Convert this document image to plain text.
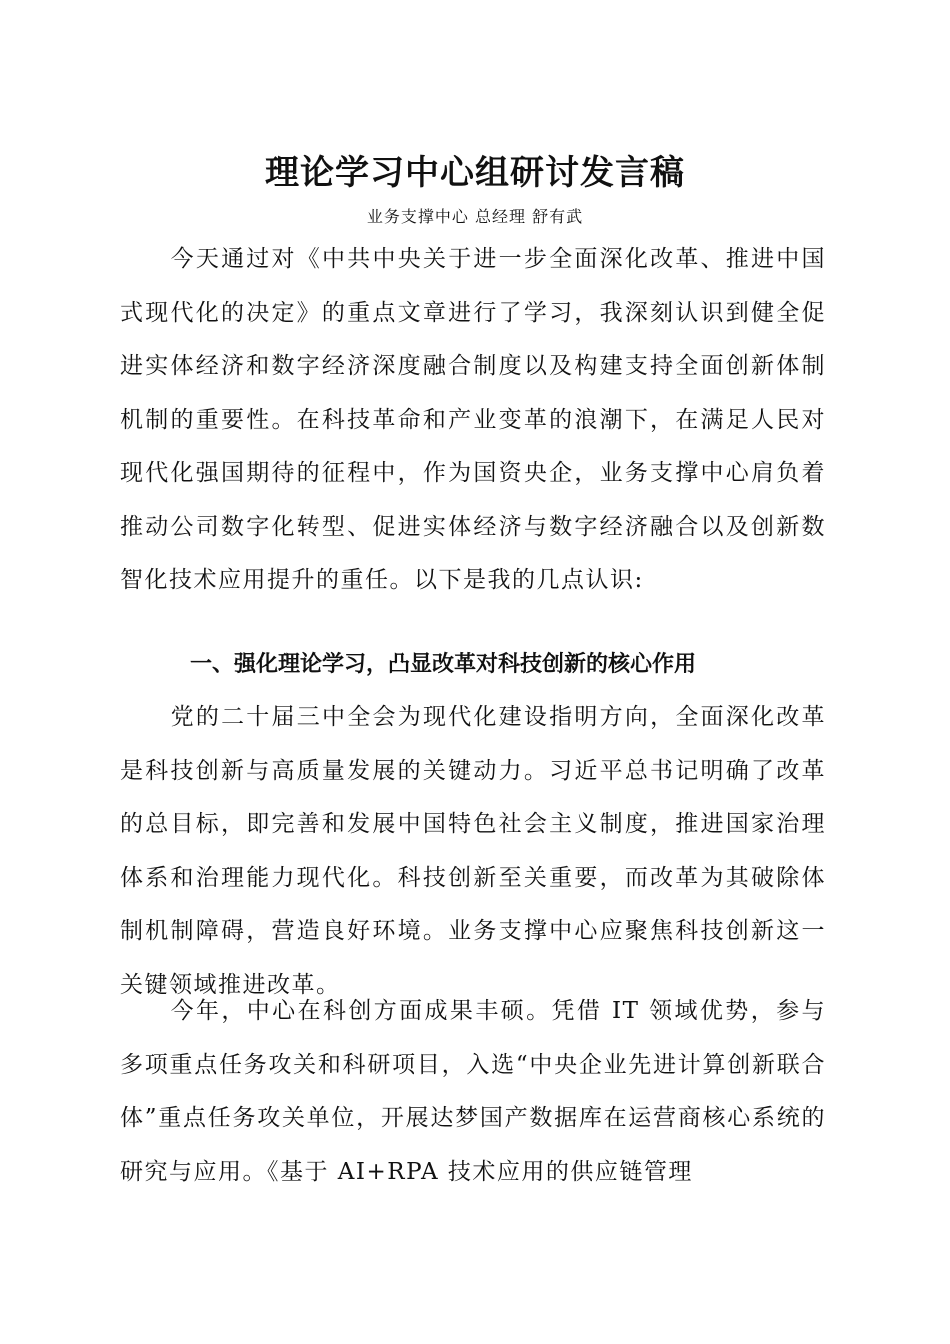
理论学习中心组研讨发言稿

业务支撑中心 总经理 舒有武

今天通过对《中共中央关于进一步全面深化改革、推进中国式现代化的决定》的重点文章进行了学习，我深刻认识到健全促进实体经济和数字经济深度融合制度以及构建支持全面创新体制机制的重要性。在科技革命和产业变革的浪潮下，在满足人民对现代化强国期待的征程中，作为国资央企，业务支撑中心肩负着推动公司数字化转型、促进实体经济与数字经济融合以及创新数智化技术应用提升的重任。以下是我的几点认识:

一、强化理论学习，凸显改革对科技创新的核心作用

党的二十届三中全会为现代化建设指明方向，全面深化改革是科技创新与高质量发展的关键动力。习近平总书记明确了改革的总目标，即完善和发展中国特色社会主义制度，推进国家治理体系和治理能力现代化。科技创新至关重要，而改革为其破除体制机制障碍，营造良好环境。业务支撑中心应聚焦科技创新这一关键领域推进改革。

今年，中心在科创方面成果丰硕。凭借 IT 领域优势，参与多项重点任务攻关和科研项目，入选“中央企业先进计算创新联合体”重点任务攻关单位，开展达梦国产数据库在运营商核心系统的研究与应用。《基于 AI+RPA 技术应用的供应链管理
